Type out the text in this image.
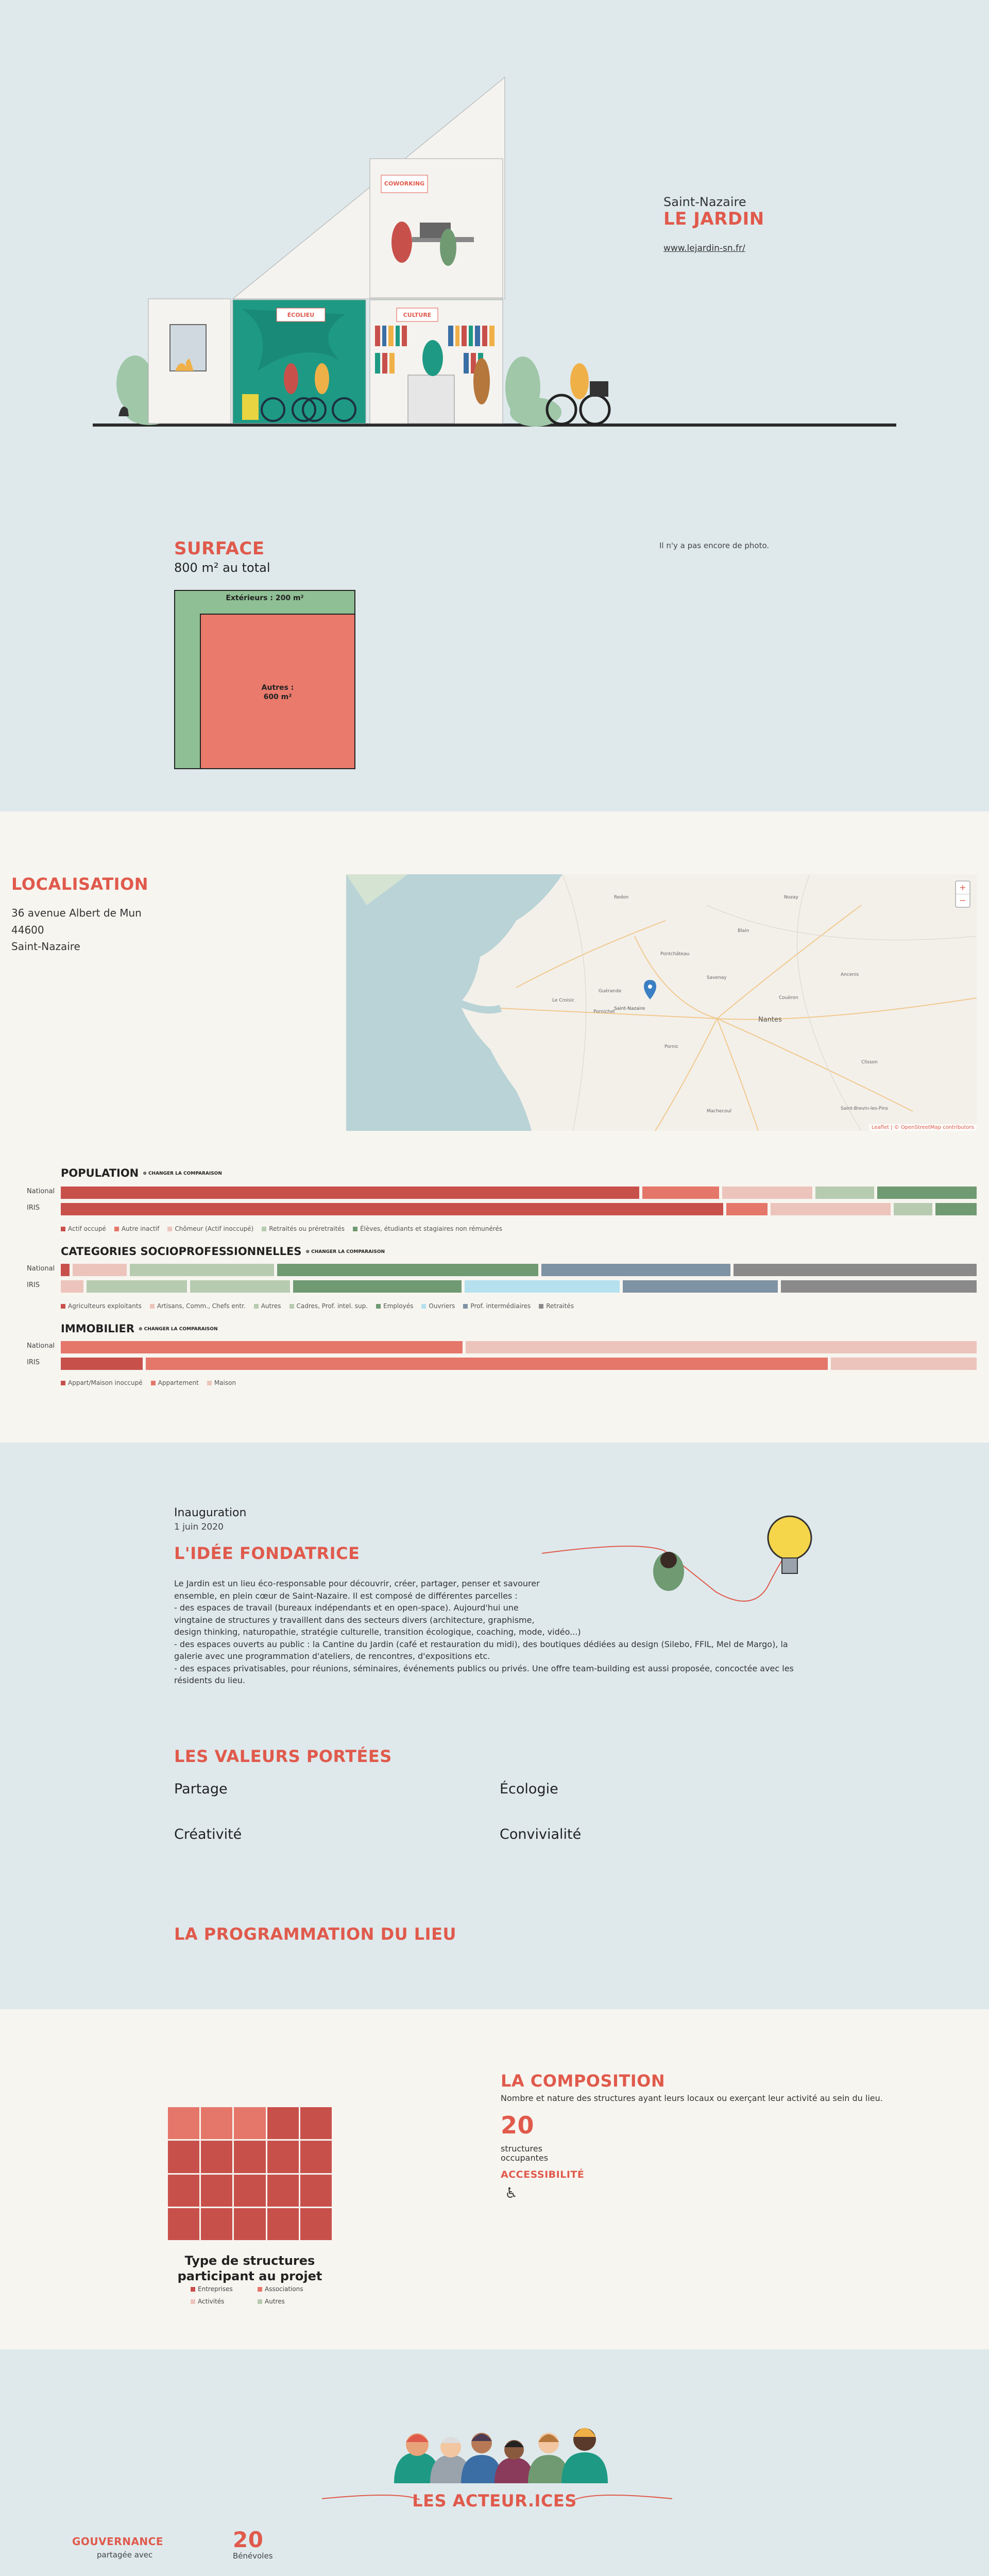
COWORKING
ÉCOLIEU	CULTURE
Saint-Nazaire
LE JARDIN
www.lejardin-sn.fr/
SURFACE
800 m² au total
Extérieurs : 200 m²
Autres :
600 m²
Il n'y a pas encore de photo.
LOCALISATION
36 avenue Albert de Mun
44600
Saint-Nazaire
Nantes
Saint-Nazaire
Pontchâteau
Pornichet
Pornic
Savenay
Guérande
Ancenis
Le Croisic
Blain
Nozay
Redon
Clisson
Machecoul
Couëron
Saint-Brevin-les-Pins
+
−
Leaflet | © OpenStreetMap contributors
POPULATION ⊕ CHANGER LA COMPARAISON
National
IRIS
Actif occupé	Autre inactif	Chômeur (Actif inoccupé)	Retraités ou préretraités	Élèves, étudiants et stagiaires non rémunérés
CATEGORIES SOCIOPROFESSIONNELLES ⊕ CHANGER LA COMPARAISON
National
IRIS
Agriculteurs exploitants	Artisans, Comm., Chefs entr.	Autres	Cadres, Prof. intel. sup.	Employés	Ouvriers	Prof. intermédiaires	Retraités
IMMOBILIER ⊕ CHANGER LA COMPARAISON
National
IRIS
Appart/Maison inoccupé	Appartement	Maison
Inauguration
1 juin 2020
L'IDÉE FONDATRICE
Le Jardin est un lieu éco-responsable pour découvrir, créer, partager, penser et savourer
ensemble, en plein cœur de Saint-Nazaire. Il est composé de différentes parcelles :
- des espaces de travail (bureaux indépendants et en open-space). Aujourd'hui une
vingtaine de structures y travaillent dans des secteurs divers (architecture, graphisme,
design thinking, naturopathie, stratégie culturelle, transition écologique, coaching, mode, vidéo...)
- des espaces ouverts au public : la Cantine du Jardin (café et restauration du midi), des boutiques dédiées au design (Silebo, FFIL, Mel de Margo), la
galerie avec une programmation d'ateliers, de rencontres, d'expositions etc.
- des espaces privatisables, pour réunions, séminaires, événements publics ou privés. Une offre team-building est aussi proposée, concoctée avec les
résidents du lieu.
LES VALEURS PORTÉES
Partage	Écologie
Créativité	Convivialité
LA PROGRAMMATION DU LIEU
Type de structures
participant au projet
Entreprises	Associations
Activités	Autres
LA COMPOSITION
Nombre et nature des structures ayant leurs locaux ou exerçant leur activité au sein du lieu.
20
structures
occupantes
ACCESSIBILITÉ
♿
LES ACTEUR.ICES
GOUVERNANCE
partagée avec
20
Bénévoles
